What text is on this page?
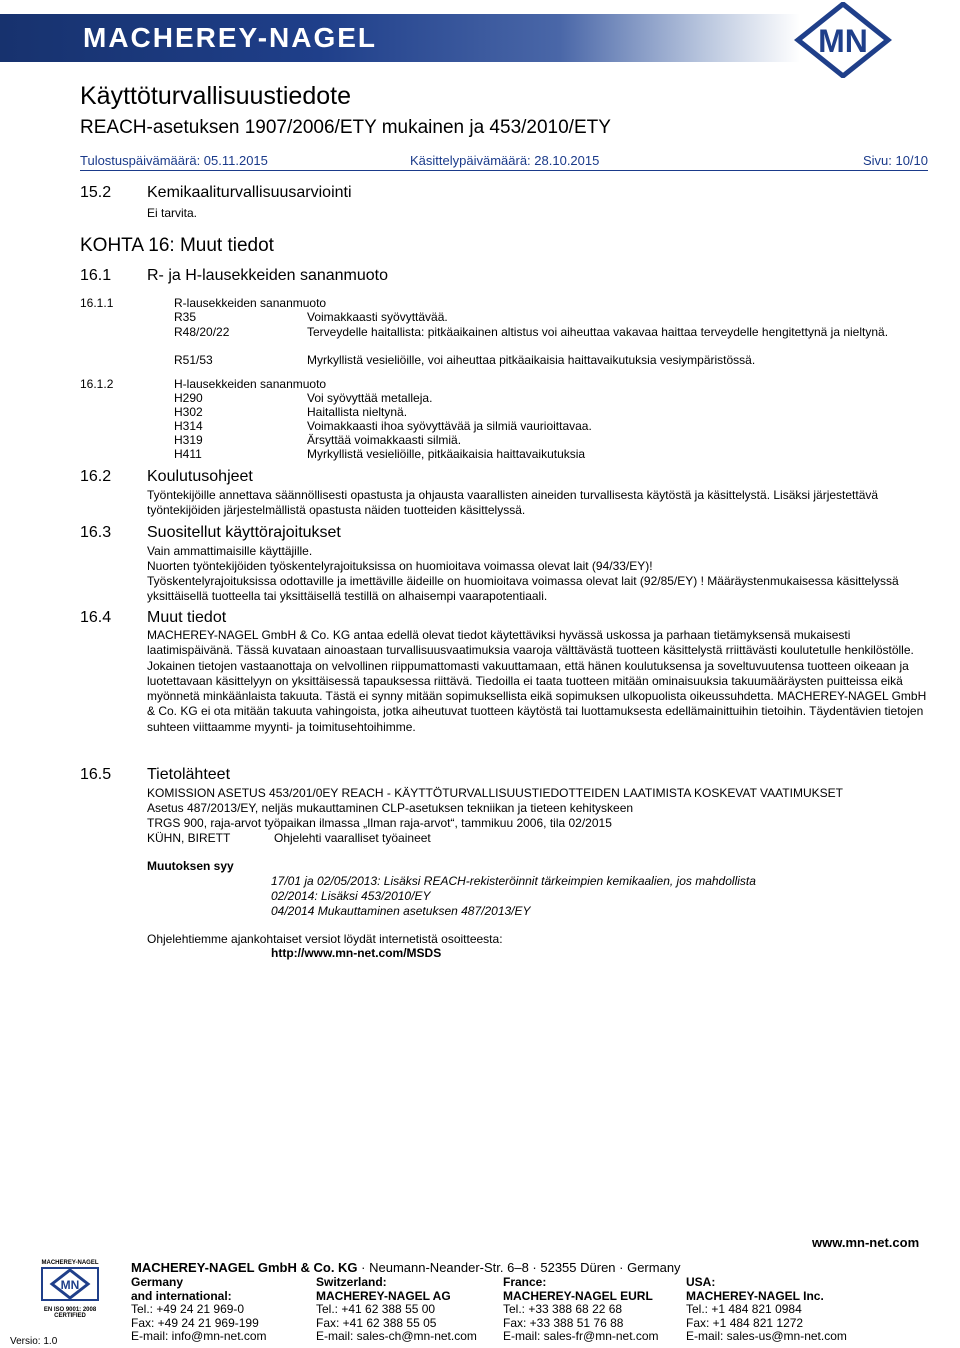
MACHEREY-NAGEL	MN
Käyttöturvallisuustiedote
REACH-asetuksen 1907/2006/ETY mukainen ja 453/2010/ETY
Tulostuspäivämäärä: 05.11.2015	Käsittelypäivämäärä: 28.10.2015	Sivu: 10/10
15.2 Kemikaaliturvallisuusarviointi
Ei tarvita.
KOHTA 16: Muut tiedot
16.1 R- ja H-lausekkeiden sananmuoto
16.1.1	R-lausekkeiden sananmuoto
R35	Voimakkaasti syövyttävää.
R48/20/22	Terveydelle haitallista: pitkäaikainen altistus voi aiheuttaa vakavaa haittaa terveydelle hengitettynä ja nieltynä.
R51/53	Myrkyllistä vesieliöille, voi aiheuttaa pitkäaikaisia haittavaikutuksia vesiympäristössä.
16.1.2	H-lausekkeiden sananmuoto
H290	Voi syövyttää metalleja.
H302	Haitallista nieltynä.
H314	Voimakkaasti ihoa syövyttävää ja silmiä vaurioittavaa.
H319	Ärsyttää voimakkaasti silmiä.
H411	Myrkyllistä vesieliöille, pitkäaikaisia haittavaikutuksia
16.2 Koulutusohjeet
Työntekijöille annettava säännöllisesti opastusta ja ohjausta vaarallisten aineiden turvallisesta käytöstä ja käsittelystä. Lisäksi järjestettävä työntekijöiden järjestelmällistä opastusta näiden tuotteiden käsittelyssä.
16.3 Suositellut käyttörajoitukset
Vain ammattimaisille käyttäjille.
Nuorten työntekijöiden työskentelyrajoituksissa on huomioitava voimassa olevat lait (94/33/EY)!
Työskentelyrajoituksissa odottaville ja imettäville äideille on huomioitava voimassa olevat lait (92/85/EY) ! Määräystenmukaisessa käsittelyssä yksittäisellä tuotteella tai yksittäisellä testillä on alhaisempi vaarapotentiaali.
16.4 Muut tiedot
MACHEREY-NAGEL GmbH & Co. KG antaa edellä olevat tiedot käytettäviksi hyvässä uskossa ja parhaan tietämyksensä mukaisesti laatimispäivänä. Tässä kuvataan ainoastaan turvallisuusvaatimuksia vaaroja välttävästä tuotteen käsittelystä rriittävästi koulutetulle henkilöstölle. Jokainen tietojen vastaanottaja on velvollinen riippumattomasti vakuuttamaan, että hänen koulutuksensa ja soveltuvuutensa tuotteen oikeaan ja luotettavaan käsittelyyn on yksittäisessä tapauksessa riittävä. Tiedoilla ei taata tuotteen mitään ominaisuuksia takuumääräysten puitteissa eikä myönnetä minkäänlaista takuuta. Tästä ei synny mitään sopimuksellista eikä sopimuksen ulkopuolista oikeussuhdetta. MACHEREY-NAGEL GmbH & Co. KG ei ota mitään takuuta vahingoista, jotka aiheutuvat tuotteen käytöstä tai luottamuksesta edellämainittuihin tietoihin. Täydentävien tietojen suhteen viittaamme myynti- ja toimitusehtoihimme.
16.5 Tietolähteet
KOMISSION ASETUS 453/201/0EY REACH - KÄYTTÖTURVALLISUUSTIEDOTTEIDEN LAATIMISTA KOSKEVAT VAATIMUKSET
Asetus 487/2013/EY, neljäs mukauttaminen CLP-asetuksen tekniikan ja tieteen kehityskeen
TRGS 900, raja-arvot työpaikan ilmassa „Ilman raja-arvot“, tammikuu 2006, tila 02/2015
KÜHN, BIRETT	Ohjelehti vaaralliset työaineet
Muutoksen syy
17/01 ja 02/05/2013: Lisäksi REACH-rekisteröinnit tärkeimpien kemikaalien, jos mahdollista
02/2014: Lisäksi 453/2010/EY
04/2014 Mukauttaminen asetuksen 487/2013/EY
Ohjelehtiemme ajankohtaiset versiot löydät internetistä osoitteesta:
http://www.mn-net.com/MSDS
www.mn-net.com
MACHEREY-NAGEL GmbH & Co. KG · Neumann-Neander-Str. 6–8 · 52355 Düren · Germany
MACHEREY-NAGEL
MN
EN ISO 9001: 2008
CERTIFIED
Versio: 1.0
Germany
and international:
Tel.: +49 24 21 969-0
Fax: +49 24 21 969-199
E-mail: info@mn-net.com
Switzerland:
MACHEREY-NAGEL AG
Tel.: +41 62 388 55 00
Fax: +41 62 388 55 05
E-mail: sales-ch@mn-net.com
France:
MACHEREY-NAGEL EURL
Tel.: +33 388 68 22 68
Fax: +33 388 51 76 88
E-mail: sales-fr@mn-net.com
USA:
MACHEREY-NAGEL Inc.
Tel.: +1 484 821 0984
Fax: +1 484 821 1272
E-mail: sales-us@mn-net.com
